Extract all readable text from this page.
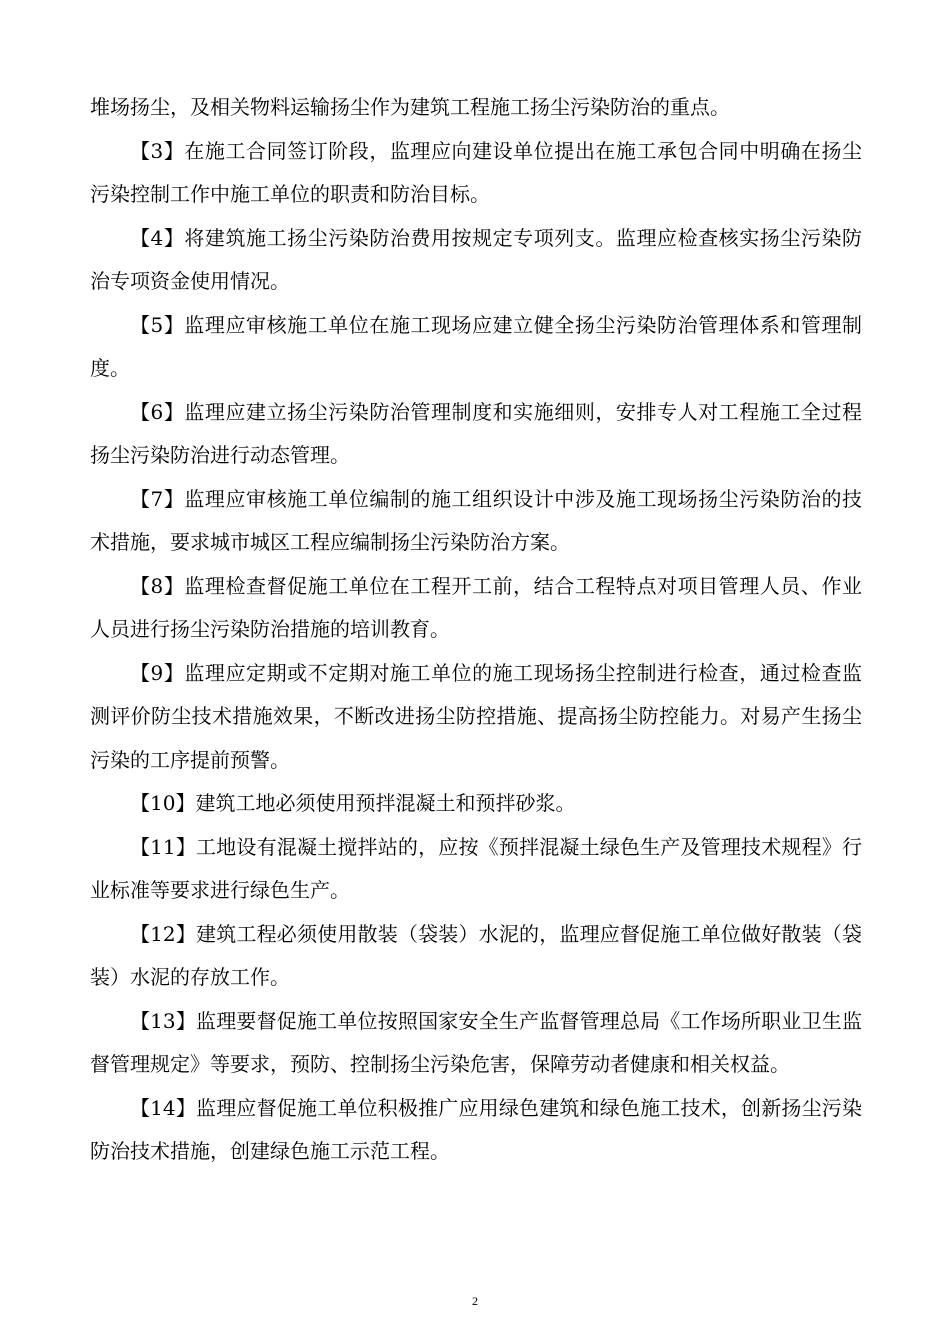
堆场扬尘，及相关物料运输扬尘作为建筑工程施工扬尘污染防治的重点。

【3】在施工合同签订阶段，监理应向建设单位提出在施工承包合同中明确在扬尘污染控制工作中施工单位的职责和防治目标。

【4】将建筑施工扬尘污染防治费用按规定专项列支。监理应检查核实扬尘污染防治专项资金使用情况。

【5】监理应审核施工单位在施工现场应建立健全扬尘污染防治管理体系和管理制度。

【6】监理应建立扬尘污染防治管理制度和实施细则，安排专人对工程施工全过程扬尘污染防治进行动态管理。

【7】监理应审核施工单位编制的施工组织设计中涉及施工现场扬尘污染防治的技术措施，要求城市城区工程应编制扬尘污染防治方案。

【8】监理检查督促施工单位在工程开工前，结合工程特点对项目管理人员、作业人员进行扬尘污染防治措施的培训教育。

【9】监理应定期或不定期对施工单位的施工现场扬尘控制进行检查，通过检查监测评价防尘技术措施效果，不断改进扬尘防控措施、提高扬尘防控能力。对易产生扬尘污染的工序提前预警。

【10】建筑工地必须使用预拌混凝土和预拌砂浆。

【11】工地设有混凝土搅拌站的，应按《预拌混凝土绿色生产及管理技术规程》行业标准等要求进行绿色生产。

【12】建筑工程必须使用散装（袋装）水泥的，监理应督促施工单位做好散装（袋装）水泥的存放工作。

【13】监理要督促施工单位按照国家安全生产监督管理总局《工作场所职业卫生监督管理规定》等要求，预防、控制扬尘污染危害，保障劳动者健康和相关权益。

【14】监理应督促施工单位积极推广应用绿色建筑和绿色施工技术，创新扬尘污染防治技术措施，创建绿色施工示范工程。

2
